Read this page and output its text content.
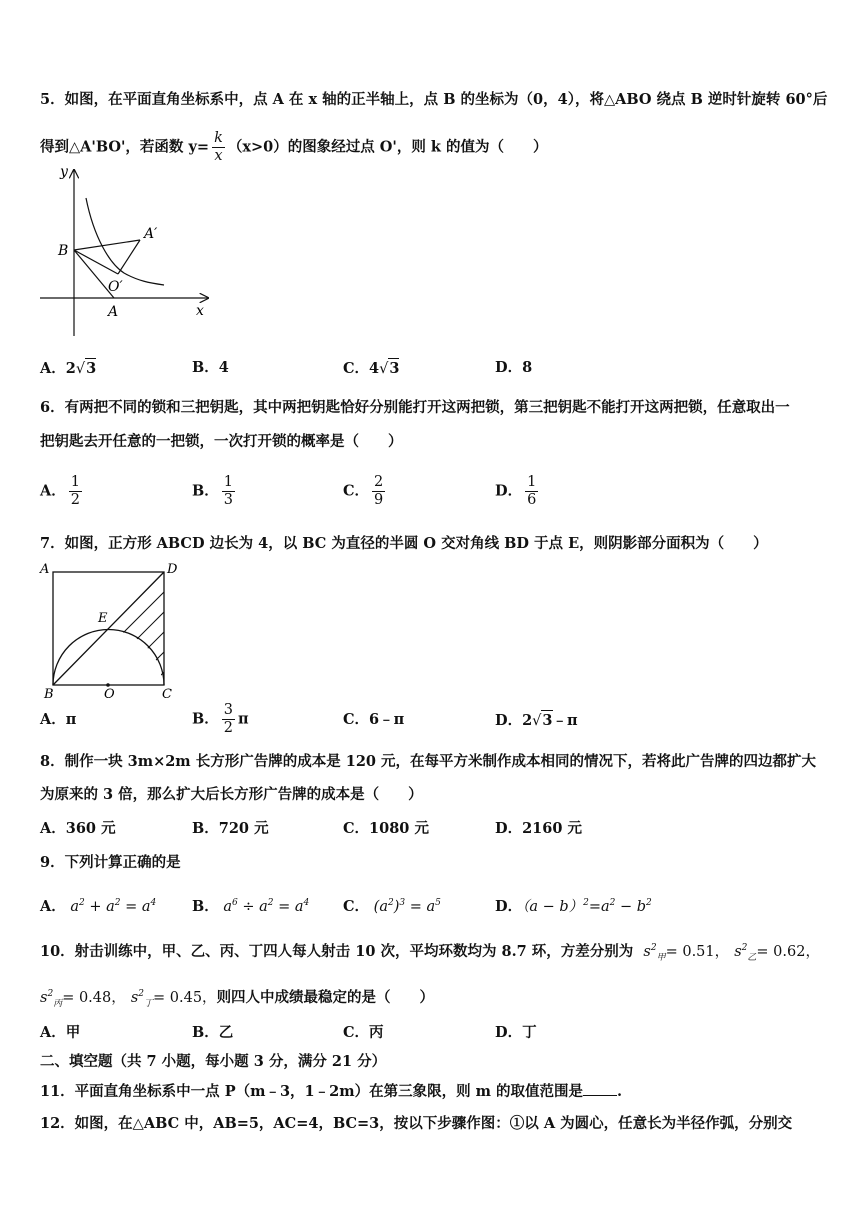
5．如图，在平面直角坐标系中，点 A 在 x 轴的正半轴上，点 B 的坐标为（0，4），将△ABO 绕点 B 逆时针旋转 60°后
得到△A'BO'，若函数 $y= \frac{k}{x} (x>0)$的图象经过点 O'，则 k 的值为（　　）
y
x
B
A′
O′
A
A．2√3	B．4	C．4√3	D．8
6．有两把不同的锁和三把钥匙，其中两把钥匙恰好分别能打开这两把锁，第三把钥匙不能打开这两把锁，任意取出一
把钥匙去开任意的一把锁，一次打开锁的概率是（　　）
A． $\frac{1}{2}$	B． $\frac{1}{3}$	C． $\frac{2}{9}$	D． $\frac{1}{6}$
7．如图，正方形 ABCD 边长为 4，以 BC 为直径的半圆 O 交对角线 BD 于点 E，则阴影部分面积为（　　）
A	D
E
B	O	C
A．π	B． $\frac{3}{2}$ π	C．6﹣π	D．2√3﹣π
8．制作一块 3m×2m 长方形广告牌的成本是 120 元，在每平方米制作成本相同的情况下，若将此广告牌的四边都扩大
为原来的 3 倍，那么扩大后长方形广告牌的成本是（　　）
A．360 元	B．720 元	C．1080 元	D．2160 元
9．下列计算正确的是
A． $a^2 + a^2 = a^4$ B． $a^6 \div a^2 = a^4$ C． $(a^2)^3 = a^5$	D．$(a - b)^2=a^2 - b^2$
10．射击训练中，甲、乙、丙、丁四人每人射击 10 次，平均环数均为 8.7 环，方差分别为 $s^2_甲= 0.51$， $s^2_乙= 0.62$，
$s^2_丙= 0.48$， $s^2_丁= 0.45$，则四人中成绩最稳定的是（　　）
A．甲	B．乙	C．丙	D．丁
二、填空题（共 7 小题，每小题 3 分，满分 21 分）
11．平面直角坐标系中一点 P（m﹣3，1﹣2m）在第三象限，则 m 的取值范围是 .
12．如图，在△ABC 中，AB=5，AC=4，BC=3，按以下步骤作图：①以 A 为圆心，任意长为半径作弧，分别交
